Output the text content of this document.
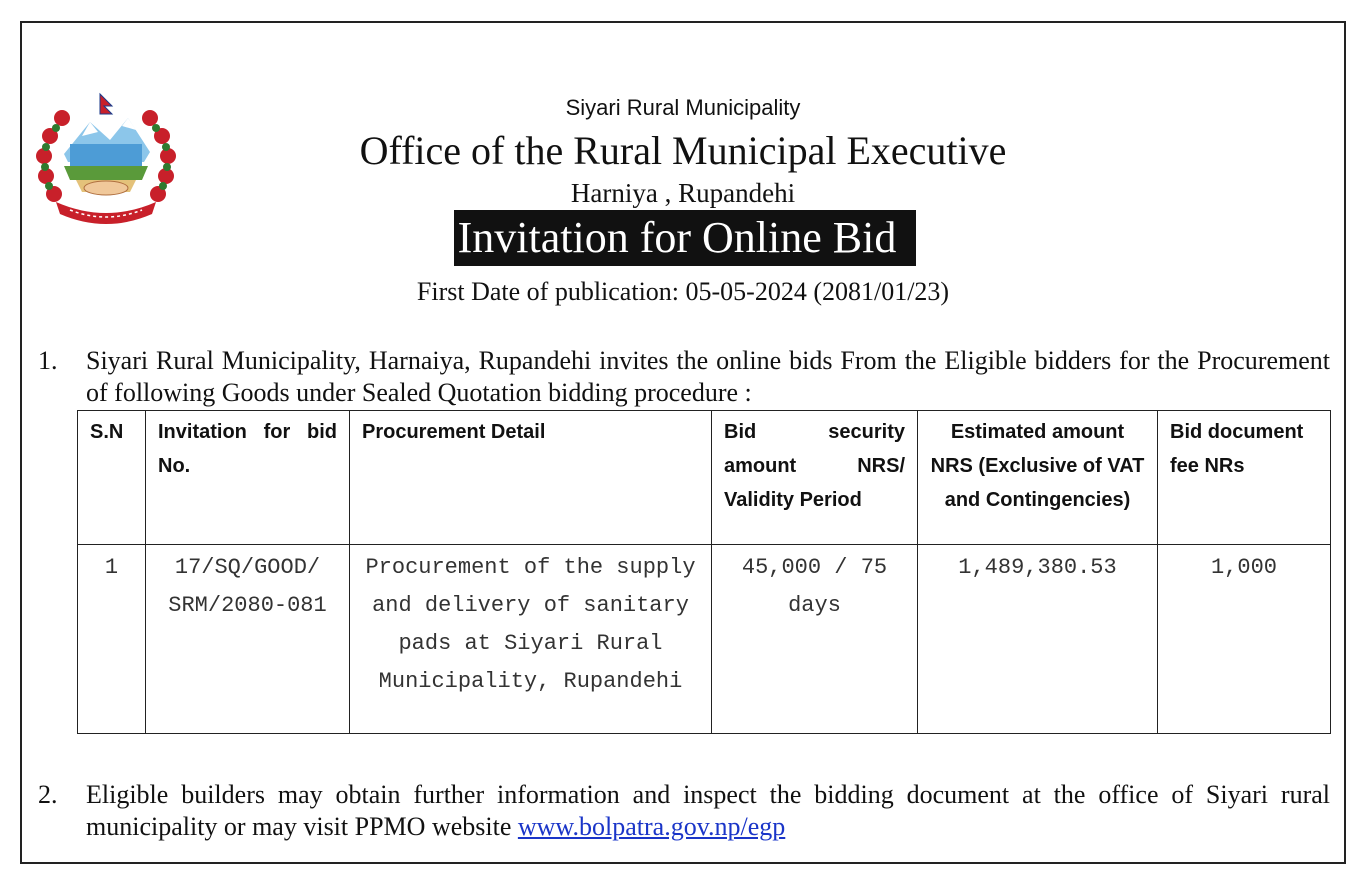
Siyari Rural Municipality
Office of the Rural Municipal Executive
Harniya , Rupandehi
Invitation for Online Bid
First Date of publication: 05-05-2024 (2081/01/23)
1. Siyari Rural Municipality, Harnaiya, Rupandehi invites the online bids From the Eligible bidders for the Procurement of following Goods under Sealed Quotation bidding procedure :
S.N	Invitation for bid No.	Procurement Detail	Bid security amount NRS/ Validity Period	Estimated amount NRS (Exclusive of VAT and Contingencies)	Bid document fee NRs
1	17/SQ/GOOD/ SRM/2080-081	Procurement of the supply and delivery of sanitary pads at Siyari Rural Municipality, Rupandehi	45,000 / 75 days	1,489,380.53	1,000
2. Eligible builders may obtain further information and inspect the bidding document at the office of Siyari rural municipality or may visit PPMO website www.bolpatra.gov.np/egp
